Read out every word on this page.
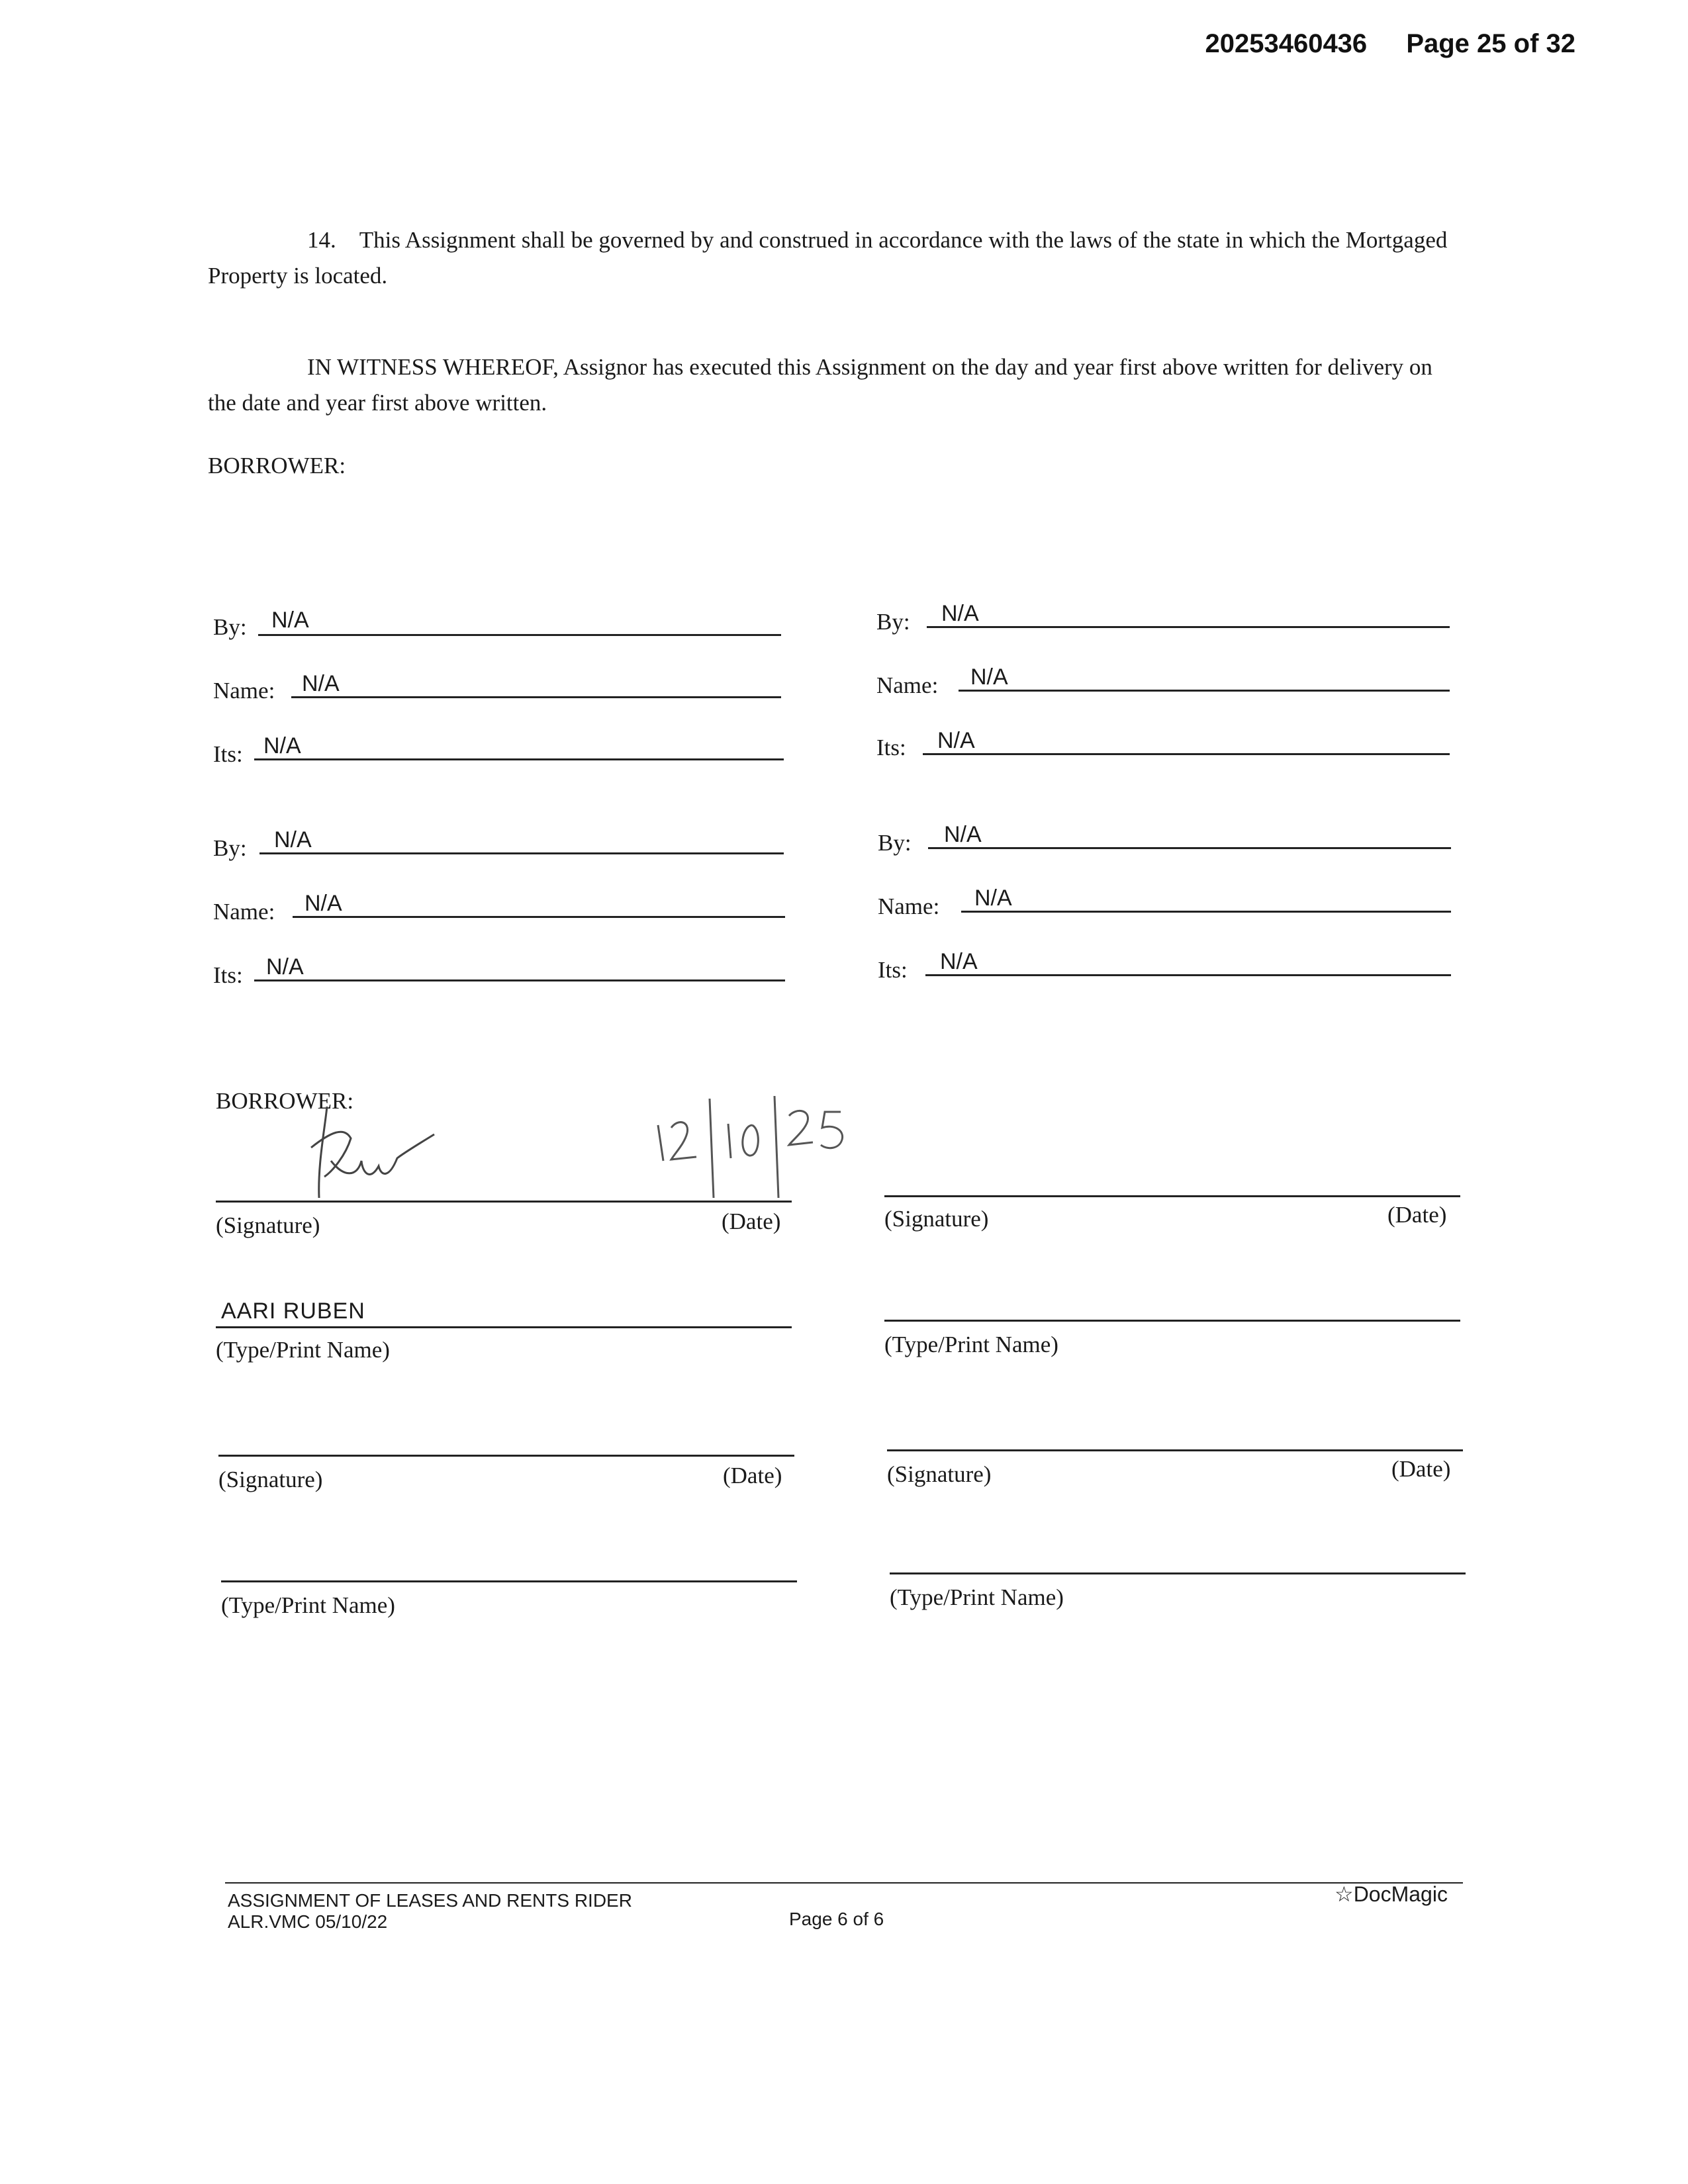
20253460436 Page 25 of 32
14. This Assignment shall be governed by and construed in accordance with the laws of the state in which the Mortgaged Property is located.
IN WITNESS WHEREOF, Assignor has executed this Assignment on the day and year first above written for delivery on the date and year first above written.
BORROWER:
By: N/A
Name: N/A
Its: N/A
By: N/A
Name: N/A
Its: N/A
By: N/A
Name: N/A
Its: N/A
By: N/A
Name: N/A
Its: N/A
BORROWER:
(Signature)	(Date)
AARI RUBEN
(Type/Print Name)
(Signature)	(Date)
(Type/Print Name)
(Signature)	(Date)
(Type/Print Name)
(Signature)	(Date)
(Type/Print Name)
ASSIGNMENT OF LEASES AND RENTS RIDER
ALR.VMC 05/10/22	Page 6 of 6
☆DocMagic
